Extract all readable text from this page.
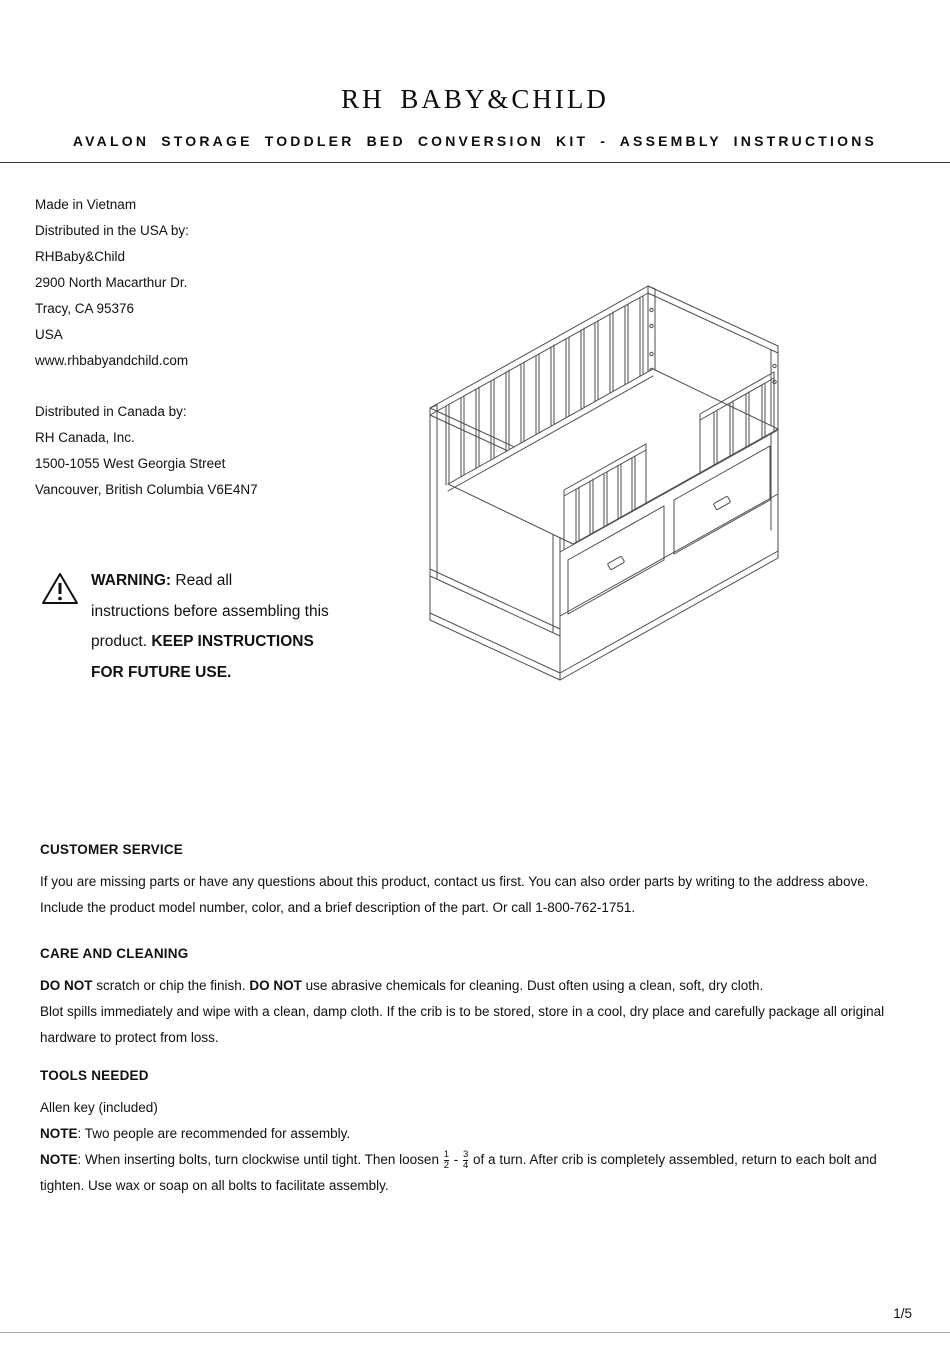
RH BABY&CHILD
AVALON STORAGE TODDLER BED CONVERSION KIT - ASSEMBLY INSTRUCTIONS
Made in Vietnam
Distributed in the USA by:
RHBaby&Child
2900 North Macarthur Dr.
Tracy, CA 95376
USA
www.rhbabyandchild.com
Distributed in Canada by:
RH Canada, Inc.
1500-1055 West Georgia Street
Vancouver, British Columbia V6E4N7
WARNING: Read all
instructions before assembling this
product. KEEP INSTRUCTIONS
FOR FUTURE USE.
CUSTOMER SERVICE

If you are missing parts or have any questions about this product, contact us first. You can also order parts by writing to the address above.

Include the product model number, color, and a brief description of the part. Or call 1-800-762-1751.

CARE AND CLEANING

DO NOT scratch or chip the finish. DO NOT use abrasive chemicals for cleaning. Dust often using a clean, soft, dry cloth.

Blot spills immediately and wipe with a clean, damp cloth. If the crib is to be stored, store in a cool, dry place and carefully package all original hardware to protect from loss.

TOOLS NEEDED

Allen key (included)

NOTE: Two people are recommended for assembly.

NOTE: When inserting bolts, turn clockwise until tight. Then loosen $\frac{1}{2} - \frac{3}{4}$ of a turn. After crib is completely assembled, return to each bolt and tighten. Use wax or soap on all bolts to facilitate assembly.

1/5
